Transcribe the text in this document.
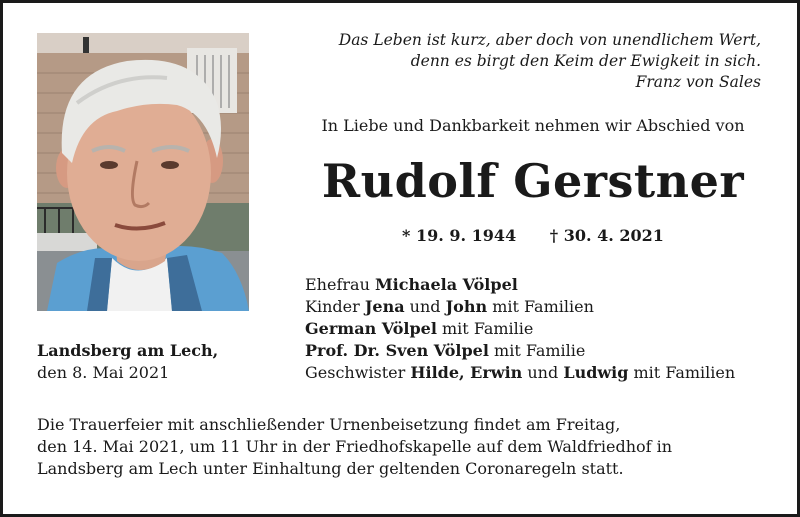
Das Leben ist kurz, aber doch von unendlichem Wert,
denn es birgt den Keim der Ewigkeit in sich.
Franz von Sales
In Liebe und Dankbarkeit nehmen wir Abschied von
Rudolf Gerstner
* 19. 9. 1944 † 30. 4. 2021
Ehefrau Michaela Völpel
Kinder Jena und John mit Familien
German Völpel mit Familie
Prof. Dr. Sven Völpel mit Familie
Geschwister Hilde, Erwin und Ludwig mit Familien
Landsberg am Lech,
den 8. Mai 2021
Die Trauerfeier mit anschließender Urnenbeisetzung findet am Freitag,
den 14. Mai 2021, um 11 Uhr in der Friedhofskapelle auf dem Waldfriedhof in
Landsberg am Lech unter Einhaltung der geltenden Coronaregeln statt.
